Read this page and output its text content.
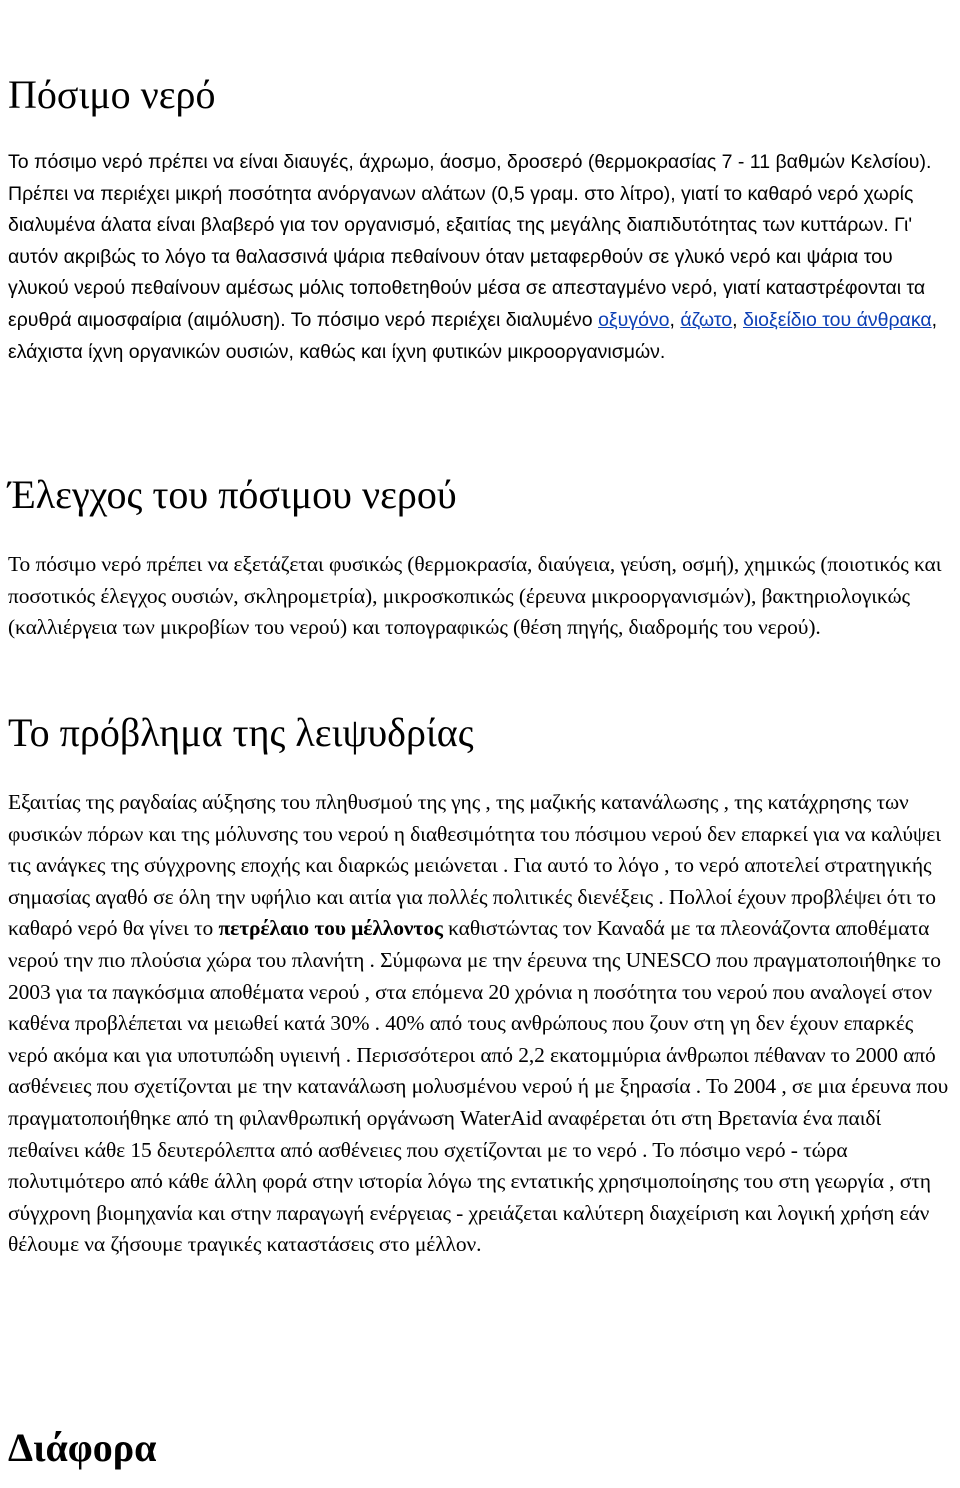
Πόσιμο νερό

Το πόσιμο νερό πρέπει να είναι διαυγές, άχρωμο, άοσμο, δροσερό (θερμοκρασίας 7 - 11 βαθμών Κελσίου). Πρέπει να περιέχει μικρή ποσότητα ανόργανων αλάτων (0,5 γραμ. στο λίτρο), γιατί το καθαρό νερό χωρίς διαλυμένα άλατα είναι βλαβερό για τον οργανισμό, εξαιτίας της μεγάλης διαπιδυτότητας των κυττάρων. Γι' αυτόν ακριβώς το λόγο τα θαλασσινά ψάρια πεθαίνουν όταν μεταφερθούν σε γλυκό νερό και ψάρια του γλυκού νερού πεθαίνουν αμέσως μόλις τοποθετηθούν μέσα σε απεσταγμένο νερό, γιατί καταστρέφονται τα ερυθρά αιμοσφαίρια (αιμόλυση). Το πόσιμο νερό περιέχει διαλυμένο οξυγόνο, άζωτο, διοξείδιο του άνθρακα, ελάχιστα ίχνη οργανικών ουσιών, καθώς και ίχνη φυτικών μικροοργανισμών.

Έλεγχος του πόσιμου νερού

Το πόσιμο νερό πρέπει να εξετάζεται φυσικώς (θερμοκρασία, διαύγεια, γεύση, οσμή), χημικώς (ποιοτικός και ποσοτικός έλεγχος ουσιών, σκληρομετρία), μικροσκοπικώς (έρευνα μικροοργανισμών), βακτηριολογικώς (καλλιέργεια των μικροβίων του νερού) και τοπογραφικώς (θέση πηγής, διαδρομής του νερού).

Το πρόβλημα της λειψυδρίας

Εξαιτίας της ραγδαίας αύξησης του πληθυσμού της γης , της μαζικής κατανάλωσης , της κατάχρησης των φυσικών πόρων και της μόλυνσης του νερού η διαθεσιμότητα του πόσιμου νερού δεν επαρκεί για να καλύψει τις ανάγκες της σύγχρονης εποχής και διαρκώς μειώνεται . Για αυτό το λόγο , το νερό αποτελεί στρατηγικής σημασίας αγαθό σε όλη την υφήλιο και αιτία για πολλές πολιτικές διενέξεις . Πολλοί έχουν προβλέψει ότι το καθαρό νερό θα γίνει το πετρέλαιο του μέλλοντος καθιστώντας τον Καναδά με τα πλεονάζοντα αποθέματα νερού την πιο πλούσια χώρα του πλανήτη . Σύμφωνα με την έρευνα της UNESCO που πραγματοποιήθηκε το 2003 για τα παγκόσμια αποθέματα νερού , στα επόμενα 20 χρόνια η ποσότητα του νερού που αναλογεί στον καθένα προβλέπεται να μειωθεί κατά 30% . 40% από τους ανθρώπους που ζουν στη γη δεν έχουν επαρκές νερό ακόμα και για υποτυπώδη υγιεινή . Περισσότεροι από 2,2 εκατομμύρια άνθρωποι πέθαναν το 2000 από ασθένειες που σχετίζονται με την κατανάλωση μολυσμένου νερού ή με ξηρασία . Το 2004 , σε μια έρευνα που πραγματοποιήθηκε από τη φιλανθρωπική οργάνωση WaterAid αναφέρεται ότι στη Βρετανία ένα παιδί πεθαίνει κάθε 15 δευτερόλεπτα από ασθένειες που σχετίζονται με το νερό . Το πόσιμο νερό - τώρα πολυτιμότερο από κάθε άλλη φορά στην ιστορία λόγω της εντατικής χρησιμοποίησης του στη γεωργία , στη σύγχρονη βιομηχανία και στην παραγωγή ενέργειας - χρειάζεται καλύτερη διαχείριση και λογική χρήση εάν θέλουμε να ζήσουμε τραγικές καταστάσεις στο μέλλον.

Διάφορα
